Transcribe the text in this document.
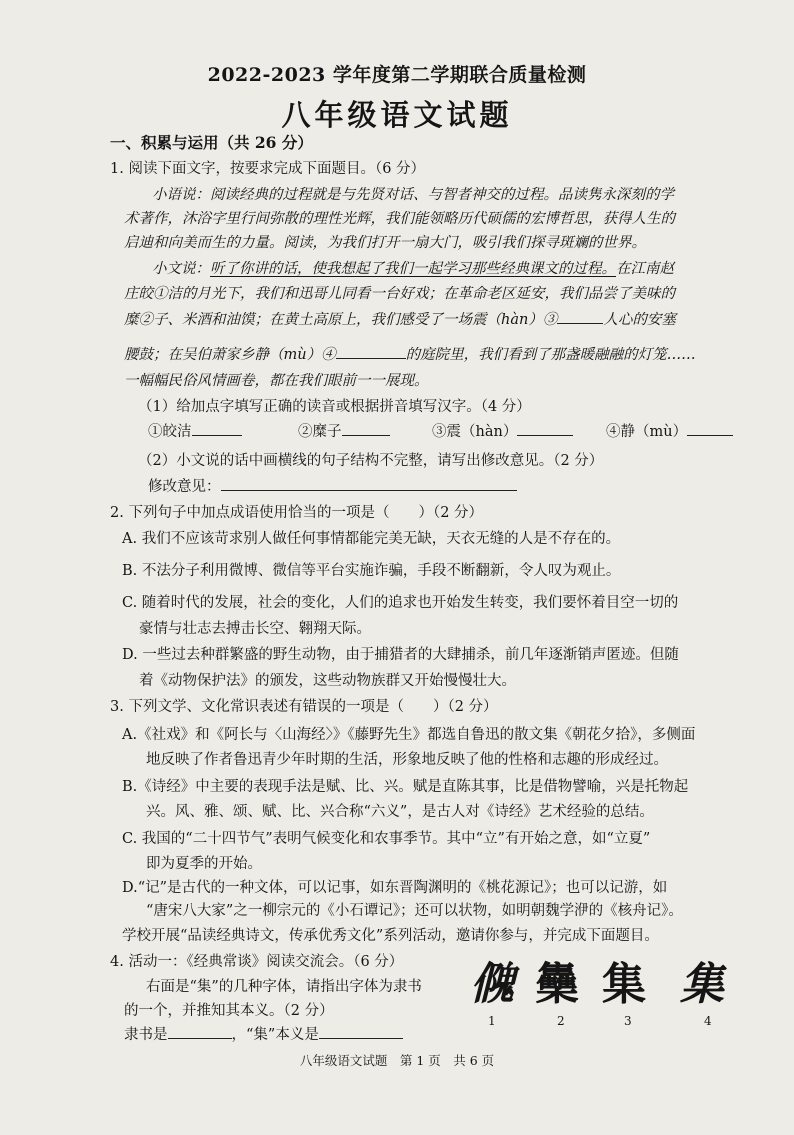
2022-2023 学年度第二学期联合质量检测
八年级语文试题
一、积累与运用（共 26 分）
1. 阅读下面文字，按要求完成下面题目。（6 分）
小语说：阅读经典的过程就是与先贤对话、与智者神交的过程。品读隽永深刻的学
术著作，沐浴字里行间弥散的理性光辉，我们能领略历代硕儒的宏博哲思，获得人生的
启迪和向美而生的力量。阅读，为我们打开一扇大门，吸引我们探寻斑斓的世界。
小文说：听了你讲的话，使我想起了我们一起学习那些经典课文的过程。在江南赵
庄皎①洁的月光下，我们和迅哥儿同看一台好戏；在革命老区延安，我们品尝了美味的
糜②子、米酒和油馍；在黄土高原上，我们感受了一场震（hàn）③	人心的安塞
腰鼓；在吴伯萧家乡静（mù）④	的庭院里，我们看到了那盏暖融融的灯笼……
一幅幅民俗风情画卷，都在我们眼前一一展现。
（1）给加点字填写正确的读音或根据拼音填写汉字。（4 分）
①皎洁	②糜子	③震（hàn）	④静（mù）
（2）小文说的话中画横线的句子结构不完整，请写出修改意见。（2 分）
修改意见：
2. 下列句子中加点成语使用恰当的一项是（　　）（2 分）
A. 我们不应该苛求别人做任何事情都能完美无缺，天衣无缝的人是不存在的。
B. 不法分子利用微博、微信等平台实施诈骗，手段不断翻新，令人叹为观止。
C. 随着时代的发展，社会的变化，人们的追求也开始发生转变，我们要怀着目空一切的
豪情与壮志去搏击长空、翱翔天际。
D. 一些过去种群繁盛的野生动物，由于捕猎者的大肆捕杀，前几年逐渐销声匿迹。但随
着《动物保护法》的颁发，这些动物族群又开始慢慢壮大。
3. 下列文学、文化常识表述有错误的一项是（　　）（2 分）
A.《社戏》和《阿长与〈山海经〉》《藤野先生》都选自鲁迅的散文集《朝花夕拾》，多侧面
地反映了作者鲁迅青少年时期的生活，形象地反映了他的性格和志趣的形成经过。
B.《诗经》中主要的表现手法是赋、比、兴。赋是直陈其事，比是借物譬喻，兴是托物起
兴。风、雅、颂、赋、比、兴合称“六义”，是古人对《诗经》艺术经验的总结。
C. 我国的“二十四节气”表明气候变化和农事季节。其中“立”有开始之意，如“立夏”
即为夏季的开始。
D.“记”是古代的一种文体，可以记事，如东晋陶渊明的《桃花源记》；也可以记游，如
“唐宋八大家”之一柳宗元的《小石谭记》；还可以状物，如明朝魏学洢的《核舟记》。
学校开展“品读经典诗文，传承优秀文化”系列活动，邀请你参与，并完成下面题目。
4. 活动一：《经典常谈》阅读交流会。（6 分）
右面是“集”的几种字体，请指出字体为隶书
的一个，并推知其本义。（2 分）
隶书是	，“集”本义是
𠏁 雧 集 集
1	2	3	4
八年级语文试题　第 1 页　共 6 页
